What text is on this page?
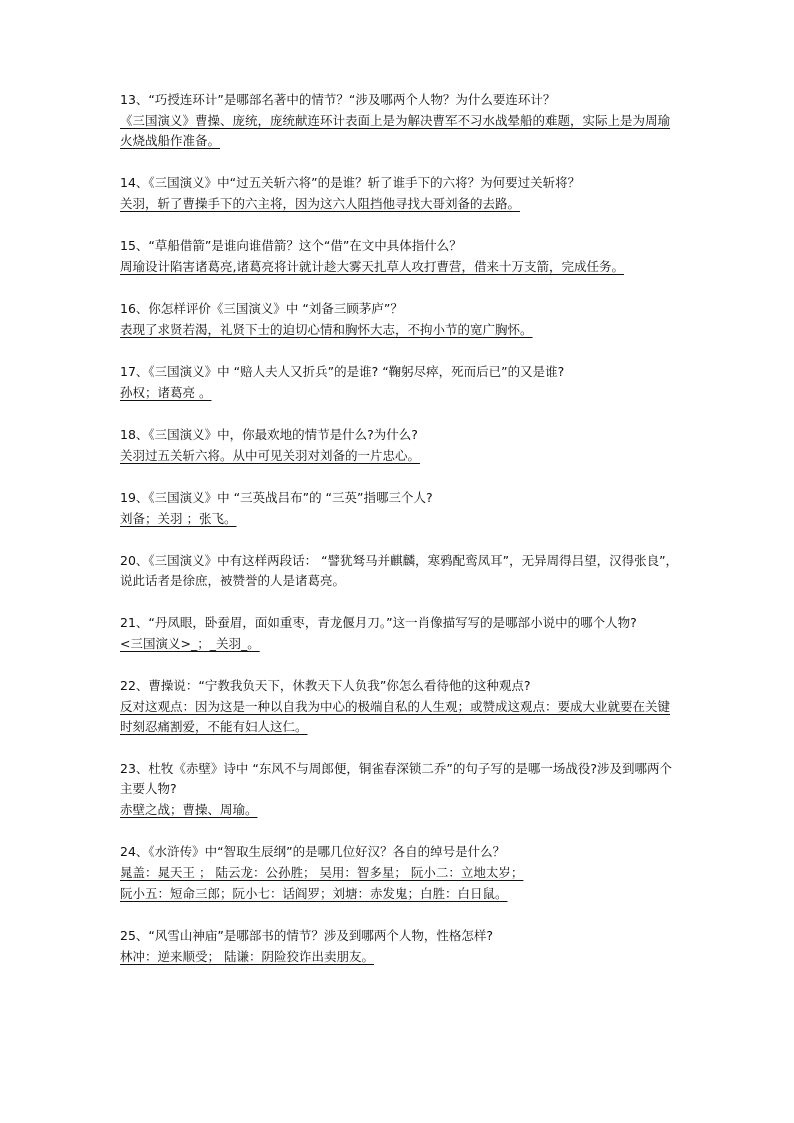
13、“巧授连环计”是哪部名著中的情节？“涉及哪两个人物？为什么要连环计？
《三国演义》曹操、庞统，庞统献连环计表面上是为解决曹军不习水战晕船的难题，实际上是为周瑜火烧战船作准备。
14、《三国演义》中“过五关斩六将”的是谁？斩了谁手下的六将？为何要过关斩将？
关羽，斩了曹操手下的六主将，因为这六人阻挡他寻找大哥刘备的去路。
15、“草船借箭”是谁向谁借箭？这个“借”在文中具体指什么？
周瑜设计陷害诸葛亮,诸葛亮将计就计趁大雾天扎草人攻打曹营，借来十万支箭，完成任务。
16、你怎样评价《三国演义》中 “刘备三顾茅庐”？
表现了求贤若渴，礼贤下士的迫切心情和胸怀大志，不拘小节的宽广胸怀。
17、《三国演义》中 “赔人夫人又折兵”的是谁? “鞠躬尽瘁，死而后已”的又是谁?
孙权；诸葛亮 。
18、《三国演义》中，你最欢地的情节是什么?为什么?
关羽过五关斩六将。从中可见关羽对刘备的一片忠心。
19、《三国演义》中 “三英战吕布”的 “三英”指哪三个人?
刘备；关羽 ；张飞。
20、《三国演义》中有这样两段话： “譬犹驽马并麒麟，寒鸦配鸾凤耳”，无异周得吕望，汉得张良”，说此话者是徐庶，被赞誉的人是诸葛亮。
21、“丹凤眼，卧蚕眉，面如重枣，青龙偃月刀。”这一肖像描写写的是哪部小说中的哪个人物?
<三国演义>_；_关羽_。
22、曹操说：“宁教我负天下，休教天下人负我”你怎么看待他的这种观点?
反对这观点：因为这是一种以自我为中心的极端自私的人生观；或赞成这观点：要成大业就要在关键时刻忍痛割爱，不能有妇人这仁。
23、杜牧《赤壁》诗中 “东风不与周郎便，铜雀春深锁二乔”的句子写的是哪一场战役?涉及到哪两个主要人物?
赤壁之战；曹操、周瑜。
24、《水浒传》中“智取生辰纲”的是哪几位好汉？各自的绰号是什么？
晁盖：晁天王 ； 陆云龙：公孙胜； 吴用：智多星； 阮小二：立地太岁；
阮小五：短命三郎；阮小七：话阎罗；刘塘：赤发鬼；白胜：白日鼠。
25、“风雪山神庙”是哪部书的情节？涉及到哪两个人物，性格怎样?
林冲：逆来顺受； 陆谦：阴险狡诈出卖朋友。
